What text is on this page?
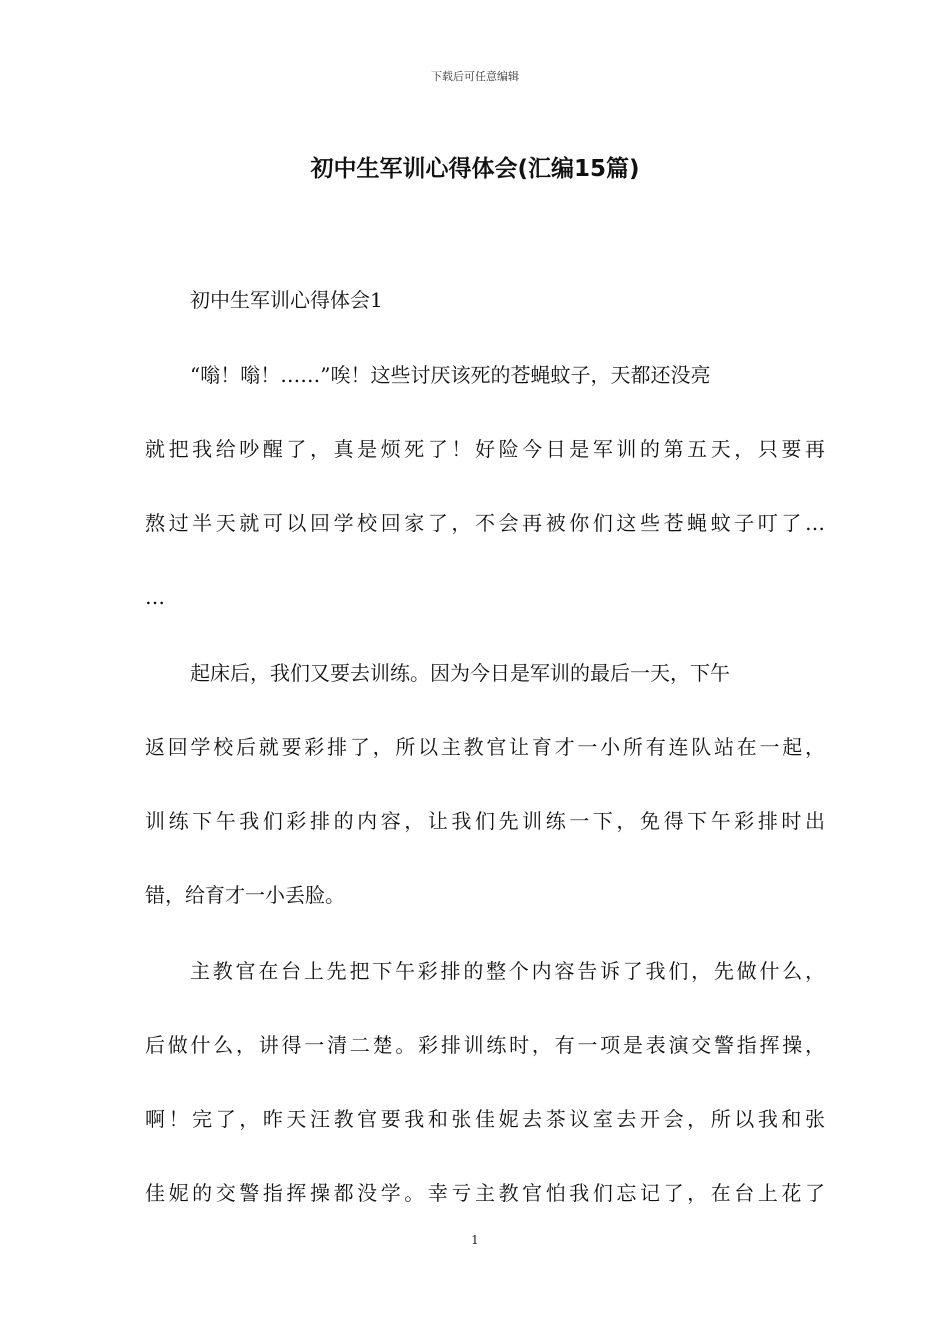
下载后可任意编辑
初中生军训心得体会(汇编15篇)
初中生军训心得体会1
“嗡！嗡！……”唉！这些讨厌该死的苍蝇蚊子，天都还没亮
就把我给吵醒了，真是烦死了！好险今日是军训的第五天，只要再
熬过半天就可以回学校回家了，不会再被你们这些苍蝇蚊子叮了…
…
起床后，我们又要去训练。因为今日是军训的最后一天，下午
返回学校后就要彩排了，所以主教官让育才一小所有连队站在一起，
训练下午我们彩排的内容，让我们先训练一下，免得下午彩排时出
错，给育才一小丢脸。
主教官在台上先把下午彩排的整个内容告诉了我们，先做什么，
后做什么，讲得一清二楚。彩排训练时，有一项是表演交警指挥操，
啊！完了，昨天汪教官要我和张佳妮去茶议室去开会，所以我和张
佳妮的交警指挥操都没学。幸亏主教官怕我们忘记了，在台上花了
1
